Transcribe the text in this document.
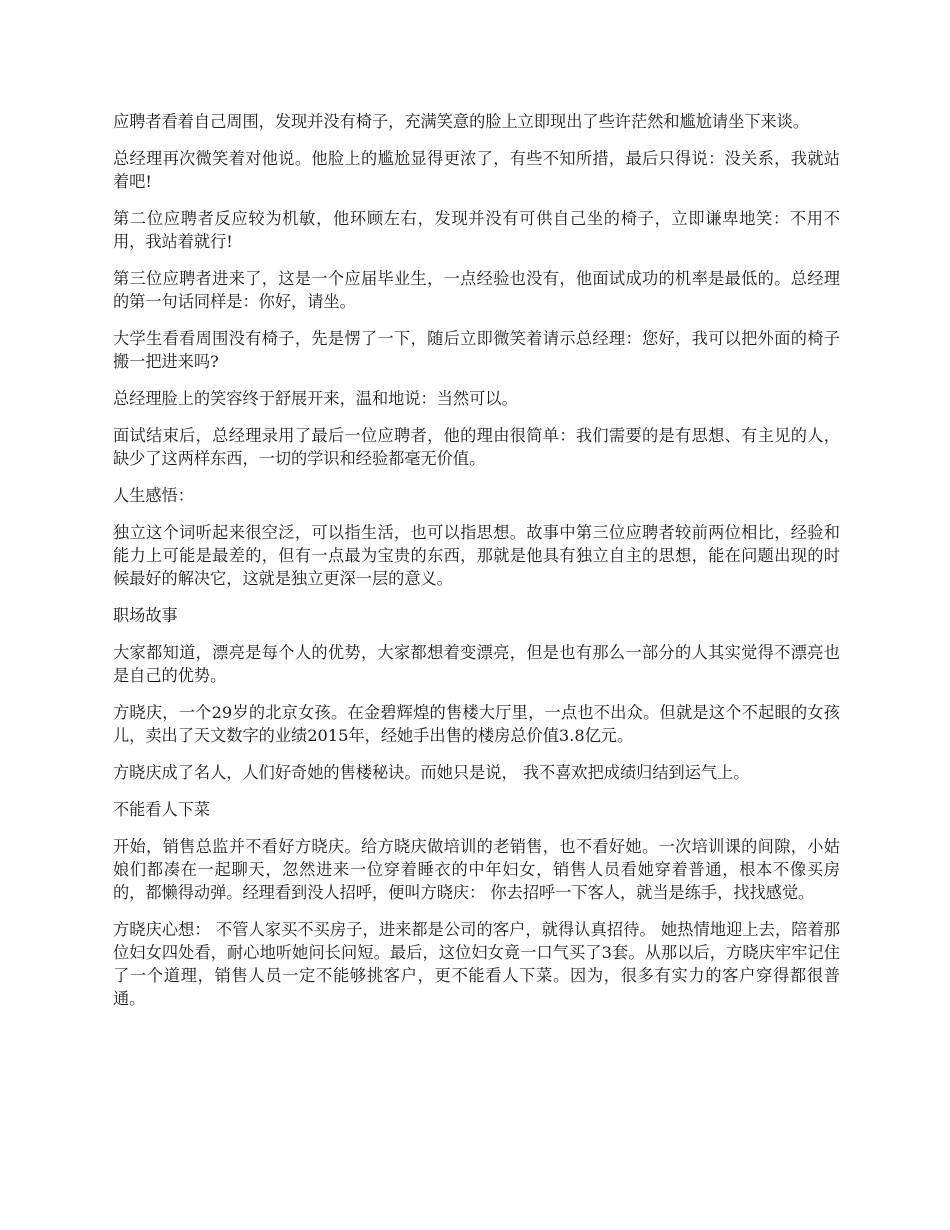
应聘者看着自己周围，发现并没有椅子，充满笑意的脸上立即现出了些许茫然和尴尬请坐下来谈。

总经理再次微笑着对他说。他脸上的尴尬显得更浓了，有些不知所措，最后只得说：没关系，我就站着吧!

第二位应聘者反应较为机敏，他环顾左右，发现并没有可供自己坐的椅子，立即谦卑地笑：不用不用，我站着就行!

第三位应聘者进来了，这是一个应届毕业生，一点经验也没有，他面试成功的机率是最低的。总经理的第一句话同样是：你好，请坐。

大学生看看周围没有椅子，先是愣了一下，随后立即微笑着请示总经理：您好，我可以把外面的椅子搬一把进来吗?

总经理脸上的笑容终于舒展开来，温和地说：当然可以。

面试结束后，总经理录用了最后一位应聘者，他的理由很简单：我们需要的是有思想、有主见的人，缺少了这两样东西，一切的学识和经验都毫无价值。

人生感悟：

独立这个词听起来很空泛，可以指生活，也可以指思想。故事中第三位应聘者较前两位相比，经验和能力上可能是最差的，但有一点最为宝贵的东西，那就是他具有独立自主的思想，能在问题出现的时候最好的解决它，这就是独立更深一层的意义。

职场故事

大家都知道，漂亮是每个人的优势，大家都想着变漂亮，但是也有那么一部分的人其实觉得不漂亮也是自己的优势。

方晓庆，一个29岁的北京女孩。在金碧辉煌的售楼大厅里，一点也不出众。但就是这个不起眼的女孩儿，卖出了天文数字的业绩2015年，经她手出售的楼房总价值3.8亿元。

方晓庆成了名人，人们好奇她的售楼秘诀。而她只是说， 我不喜欢把成绩归结到运气上。

不能看人下菜

开始，销售总监并不看好方晓庆。给方晓庆做培训的老销售，也不看好她。一次培训课的间隙，小姑娘们都凑在一起聊天，忽然进来一位穿着睡衣的中年妇女，销售人员看她穿着普通，根本不像买房的，都懒得动弹。经理看到没人招呼，便叫方晓庆： 你去招呼一下客人，就当是练手，找找感觉。

方晓庆心想： 不管人家买不买房子，进来都是公司的客户，就得认真招待。 她热情地迎上去，陪着那位妇女四处看，耐心地听她问长问短。最后，这位妇女竟一口气买了3套。从那以后，方晓庆牢牢记住了一个道理，销售人员一定不能够挑客户，更不能看人下菜。因为，很多有实力的客户穿得都很普通。
